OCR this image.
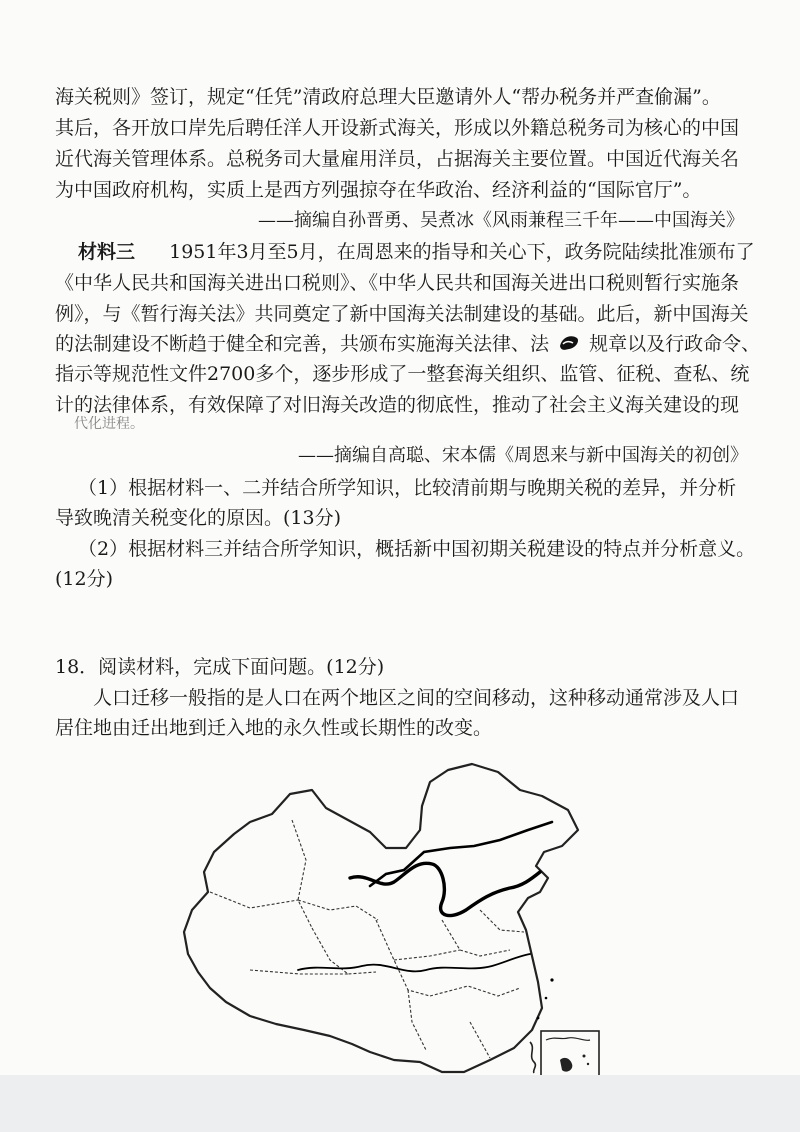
海关税则》签订，规定“任凭”清政府总理大臣邀请外人“帮办税务并严查偷漏”。
其后，各开放口岸先后聘任洋人开设新式海关，形成以外籍总税务司为核心的中国
近代海关管理体系。总税务司大量雇用洋员，占据海关主要位置。中国近代海关名
为中国政府机构，实质上是西方列强掠夺在华政治、经济利益的“国际官厅”。
——摘编自孙晋勇、吴煮冰《风雨兼程三千年——中国海关》
材料三 1951年3月至5月，在周恩来的指导和关心下，政务院陆续批准颁布了
《中华人民共和国海关进出口税则》、《中华人民共和国海关进出口税则暂行实施条
例》，与《暂行海关法》共同奠定了新中国海关法制建设的基础。此后，新中国海关
的法制建设不断趋于健全和完善，共颁布实施海关法律、法 规章以及行政命令、
指示等规范性文件2700多个，逐步形成了一整套海关组织、监管、征税、查私、统
计的法律体系，有效保障了对旧海关改造的彻底性，推动了社会主义海关建设的现
代化进程。
——摘编自高聪、宋本儒《周恩来与新中国海关的初创》
（1）根据材料一、二并结合所学知识，比较清前期与晚期关税的差异，并分析
导致晚清关税变化的原因。(13分)
（2）根据材料三并结合所学知识，概括新中国初期关税建设的特点并分析意义。
(12分)
18．阅读材料，完成下面问题。(12分)
人口迁移一般指的是人口在两个地区之间的空间移动，这种移动通常涉及人口
居住地由迁出地到迁入地的永久性或长期性的改变。
